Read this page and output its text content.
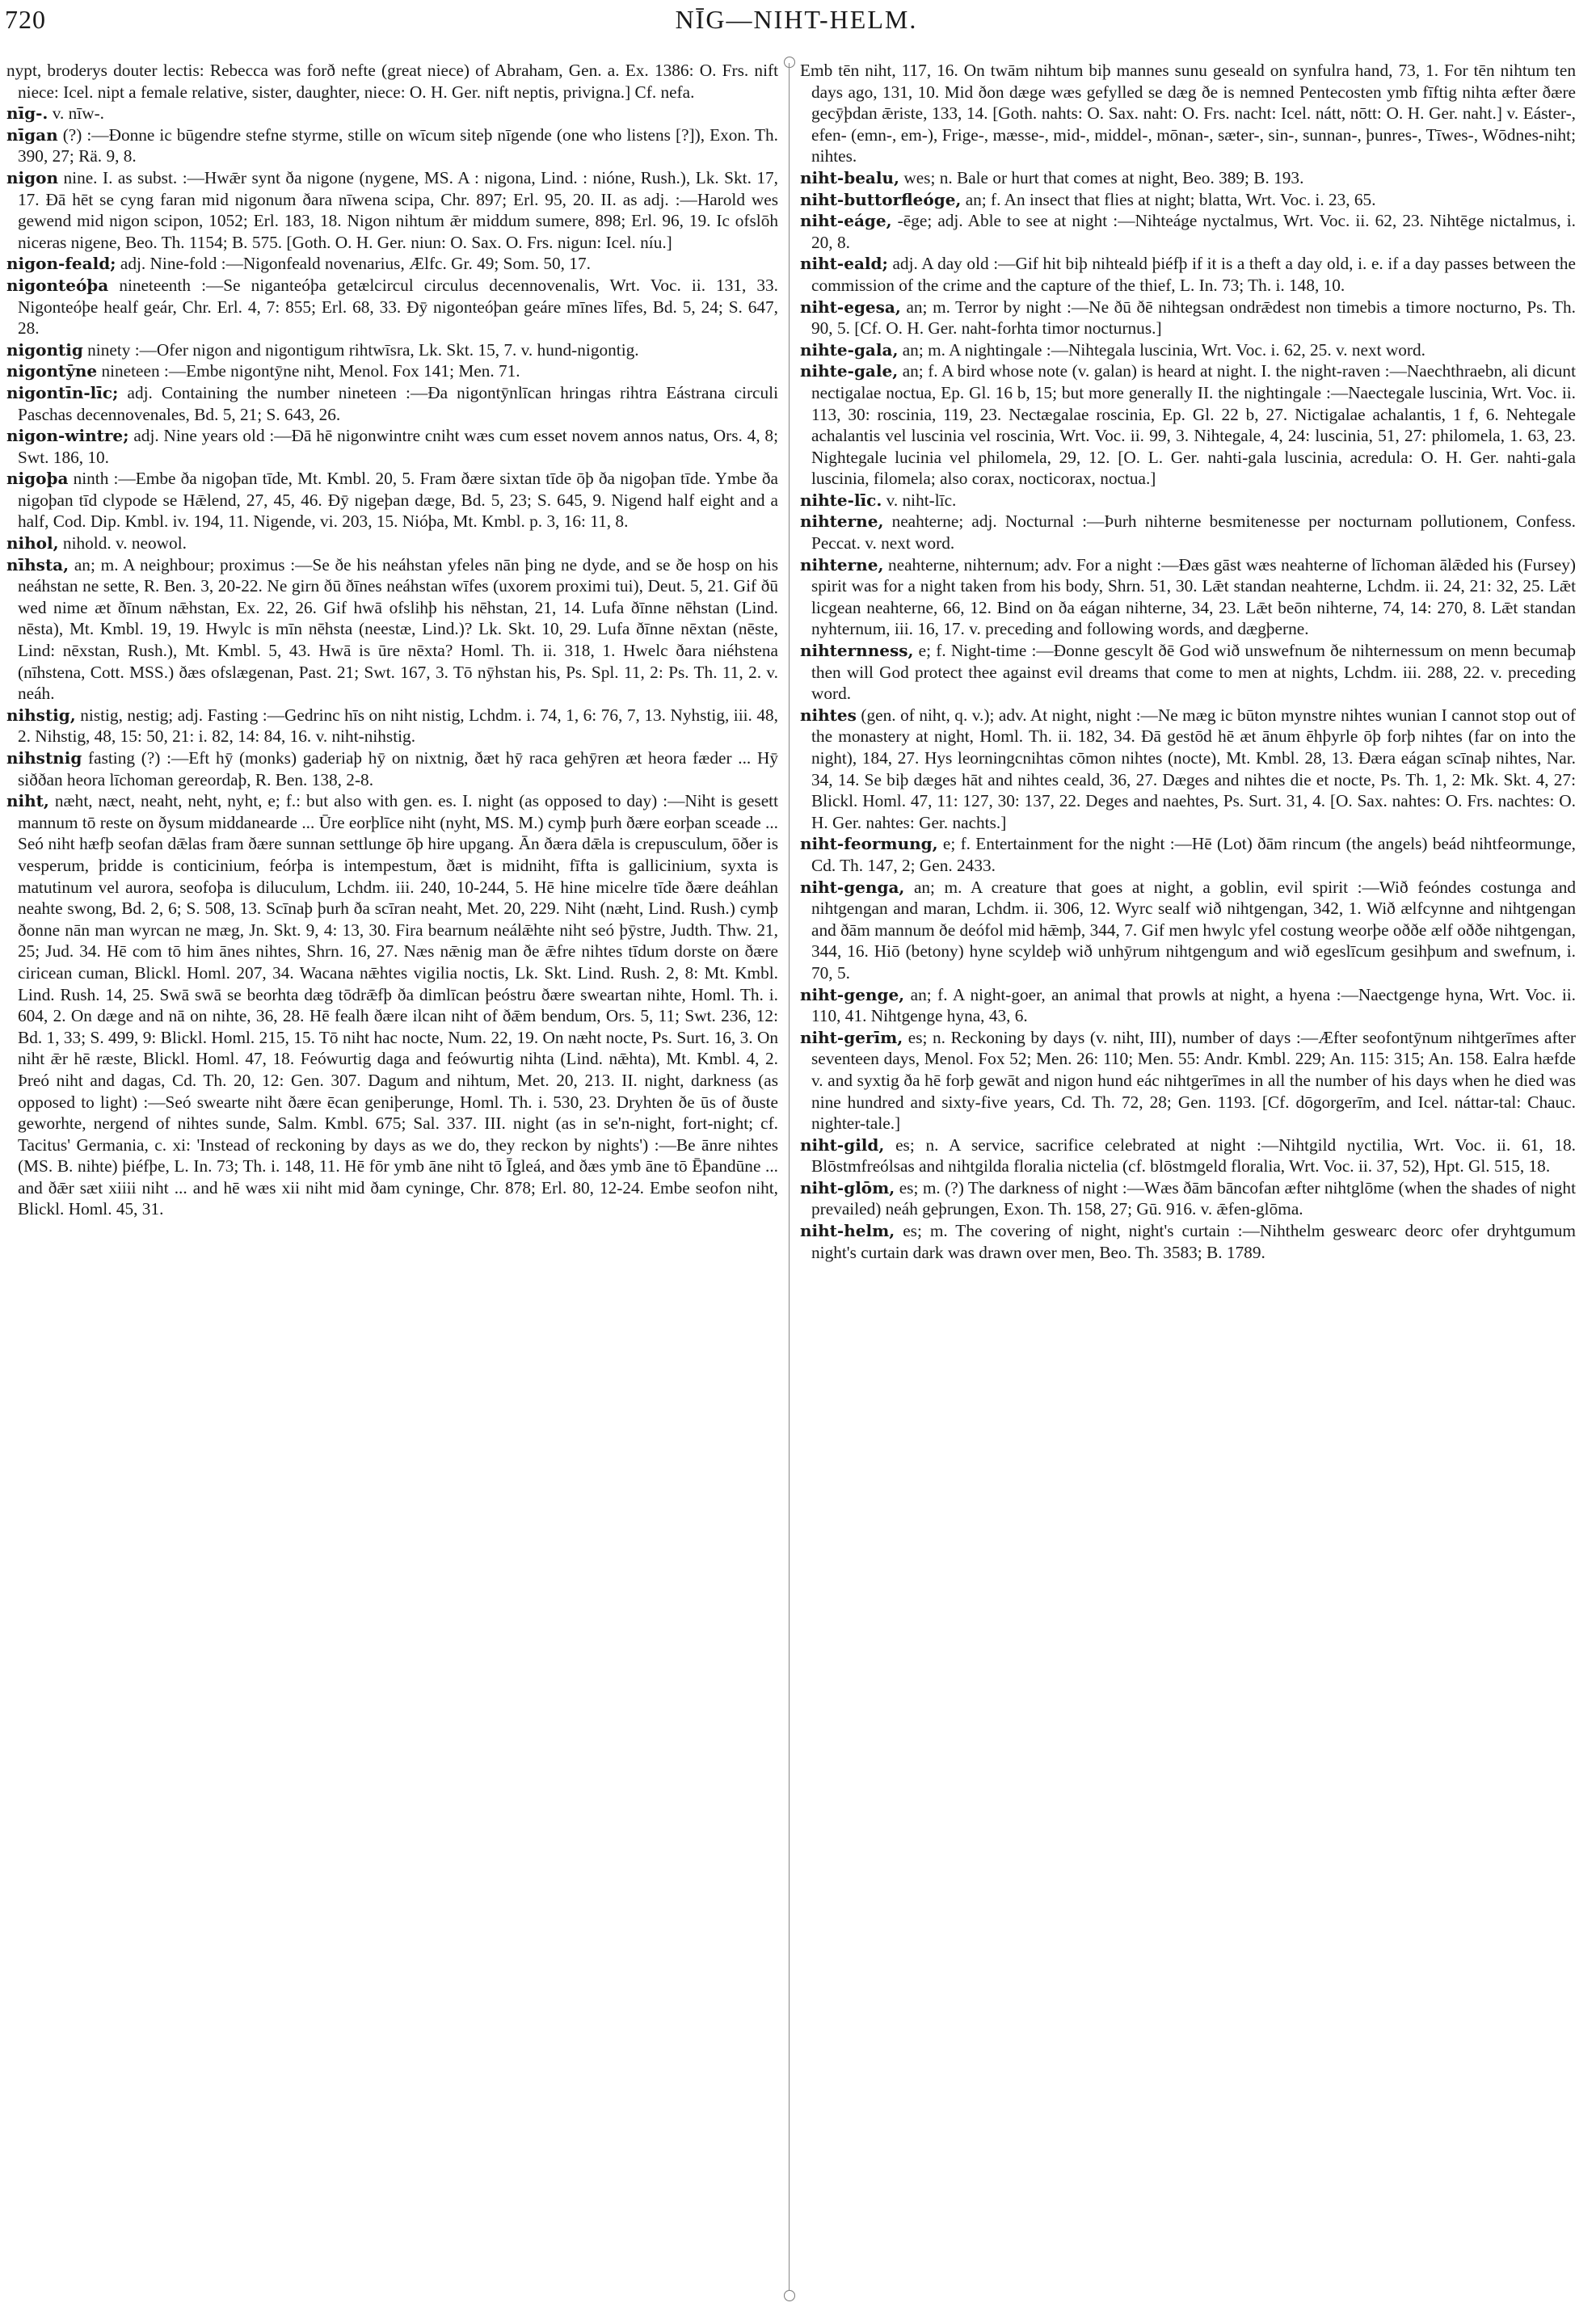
720	NĪG—NIHT-HELM.

nypt, broderys douter lectis: Rebecca was forð nefte (great niece) of Abraham, Gen. a. Ex. 1386: O. Frs. nift niece: Icel. nipt a female relative, sister, daughter, niece: O. H. Ger. nift neptis, privigna.] Cf. nefa.

nīg-. v. nīw-.

nīgan (?) :—Ðonne ic būgendre stefne styrme, stille on wīcum siteþ nīgende (one who listens [?]), Exon. Th. 390, 27; Rä. 9, 8.

nigon nine. I. as subst. :—Hwǣr synt ða nigone (nygene, MS. A : nigona, Lind. : nióne, Rush.), Lk. Skt. 17, 17. Ðā hēt se cyng faran mid nigonum ðara nīwena scipa, Chr. 897; Erl. 95, 20. II. as adj. :—Harold wes gewend mid nigon scipon, 1052; Erl. 183, 18. Nigon nihtum ǣr middum sumere, 898; Erl. 96, 19. Ic ofslōh niceras nigene, Beo. Th. 1154; B. 575. [Goth. O. H. Ger. niun: O. Sax. O. Frs. nigun: Icel. níu.]

nigon-feald; adj. Nine-fold :—Nigonfeald novenarius, Ælfc. Gr. 49; Som. 50, 17.

nigonteóþa nineteenth :—Se niganteóþa getælcircul circulus decennovenalis, Wrt. Voc. ii. 131, 33. Nigonteóþe healf geár, Chr. Erl. 4, 7: 855; Erl. 68, 33. Ðȳ nigonteóþan geáre mīnes līfes, Bd. 5, 24; S. 647, 28.

nigontig ninety :—Ofer nigon and nigontigum rihtwīsra, Lk. Skt. 15, 7. v. hund-nigontig.

nigontȳne nineteen :—Embe nigontȳne niht, Menol. Fox 141; Men. 71.

nigontīn-līc; adj. Containing the number nineteen :—Ða nigontȳnlīcan hringas rihtra Eástrana circuli Paschas decennovenales, Bd. 5, 21; S. 643, 26.

nigon-wintre; adj. Nine years old :—Ðā hē nigonwintre cniht wæs cum esset novem annos natus, Ors. 4, 8; Swt. 186, 10.

nigoþa ninth :—Embe ða nigoþan tīde, Mt. Kmbl. 20, 5. Fram ðære sixtan tīde ōþ ða nigoþan tīde. Ymbe ða nigoþan tīd clypode se Hǣlend, 27, 45, 46. Ðȳ nigeþan dæge, Bd. 5, 23; S. 645, 9. Nigend half eight and a half, Cod. Dip. Kmbl. iv. 194, 11. Nigende, vi. 203, 15. Nióþa, Mt. Kmbl. p. 3, 16: 11, 8.

nihol, nihold. v. neowol.

nīhsta, an; m. A neighbour; proximus :—Se ðe his neáhstan yfeles nān þing ne dyde, and se ðe hosp on his neáhstan ne sette, R. Ben. 3, 20-22. Ne girn ðū ðīnes neáhstan wīfes (uxorem proximi tui), Deut. 5, 21. Gif ðū wed nime æt ðīnum nǣhstan, Ex. 22, 26. Gif hwā ofslihþ his nēhstan, 21, 14. Lufa ðīnne nēhstan (Lind. nēsta), Mt. Kmbl. 19, 19. Hwylc is mīn nēhsta (neestæ, Lind.)? Lk. Skt. 10, 29. Lufa ðīnne nēxtan (nēste, Lind: nēxstan, Rush.), Mt. Kmbl. 5, 43. Hwā is ūre nēxta? Homl. Th. ii. 318, 1. Hwelc ðara niéhstena (nīhstena, Cott. MSS.) ðæs ofslægenan, Past. 21; Swt. 167, 3. Tō nȳhstan his, Ps. Spl. 11, 2: Ps. Th. 11, 2. v. neáh.

nihstig, nistig, nestig; adj. Fasting :—Gedrinc hīs on niht nistig, Lchdm. i. 74, 1, 6: 76, 7, 13. Nyhstig, iii. 48, 2. Nihstig, 48, 15: 50, 21: i. 82, 14: 84, 16. v. niht-nihstig.

nihstnig fasting (?) :—Eft hȳ (monks) gaderiaþ hȳ on nixtnig, ðæt hȳ raca gehȳren æt heora fæder ... Hȳ siððan heora līchoman gereordaþ, R. Ben. 138, 2-8.

niht, næht, næct, neaht, neht, nyht, e; f.: but also with gen. es. I. night (as opposed to day) :—Niht is gesett mannum tō reste on ðysum middanearde ... Ūre eorþlīce niht (nyht, MS. M.) cymþ þurh ðære eorþan sceade ... Seó niht hæfþ seofan dǣlas fram ðære sunnan settlunge ōþ hire upgang. Ān ðæra dǣla is crepusculum, ōðer is vesperum, þridde is conticinium, feórþa is intempestum, ðæt is midniht, fīfta is gallicinium, syxta is matutinum vel aurora, seofoþa is diluculum, Lchdm. iii. 240, 10-244, 5. Hē hine micelre tīde ðære deáhlan neahte swong, Bd. 2, 6; S. 508, 13. Scīnaþ þurh ða scīran neaht, Met. 20, 229. Niht (næht, Lind. Rush.) cymþ ðonne nān man wyrcan ne mæg, Jn. Skt. 9, 4: 13, 30. Fira bearnum neálǣhte niht seó þȳstre, Judth. Thw. 21, 25; Jud. 34. Hē com tō him ānes nihtes, Shrn. 16, 27. Næs nǣnig man ðe ǣfre nihtes tīdum dorste on ðære ciricean cuman, Blickl. Homl. 207, 34. Wacana nǣhtes vigilia noctis, Lk. Skt. Lind. Rush. 2, 8: Mt. Kmbl. Lind. Rush. 14, 25. Swā swā se beorhta dæg tōdrǣfþ ða dimlīcan þeóstru ðære sweartan nihte, Homl. Th. i. 604, 2. On dæge and nā on nihte, 36, 28. Hē fealh ðære ilcan niht of ðǣm bendum, Ors. 5, 11; Swt. 236, 12: Bd. 1, 33; S. 499, 9: Blickl. Homl. 215, 15. Tō niht hac nocte, Num. 22, 19. On næht nocte, Ps. Surt. 16, 3. On niht ǣr hē ræste, Blickl. Homl. 47, 18. Feówurtig daga and feówurtig nihta (Lind. nǣhta), Mt. Kmbl. 4, 2. Þreó niht and dagas, Cd. Th. 20, 12: Gen. 307. Dagum and nihtum, Met. 20, 213. II. night, darkness (as opposed to light) :—Seó swearte niht ðære ēcan geniþerunge, Homl. Th. i. 530, 23. Dryhten ðe ūs of ðuste geworhte, nergend of nihtes sunde, Salm. Kmbl. 675; Sal. 337. III. night (as in se'n-night, fort-night; cf. Tacitus' Germania, c. xi: 'Instead of reckoning by days as we do, they reckon by nights') :—Be ānre nihtes (MS. B. nihte) þiéfþe, L. In. 73; Th. i. 148, 11. Hē fōr ymb āne niht tō Īgleá, and ðæs ymb āne tō Ēþandūne ... and ðǣr sæt xiiii niht ... and hē wæs xii niht mid ðam cyninge, Chr. 878; Erl. 80, 12-24. Embe seofon niht, Blickl. Homl. 45, 31.

Emb tēn niht, 117, 16. On twām nihtum biþ mannes sunu geseald on synfulra hand, 73, 1. For tēn nihtum ten days ago, 131, 10. Mid ðon dæge wæs gefylled se dæg ðe is nemned Pentecosten ymb fīftig nihta æfter ðære gecȳþdan ǣriste, 133, 14. [Goth. nahts: O. Sax. naht: O. Frs. nacht: Icel. nátt, nōtt: O. H. Ger. naht.] v. Eáster-, efen- (emn-, em-), Frige-, mæsse-, mid-, middel-, mōnan-, sæter-, sin-, sunnan-, þunres-, Tīwes-, Wōdnes-niht; nihtes.

niht-bealu, wes; n. Bale or hurt that comes at night, Beo. 389; B. 193.

niht-buttorfleóge, an; f. An insect that flies at night; blatta, Wrt. Voc. i. 23, 65.

niht-eáge, -ēge; adj. Able to see at night :—Nihteáge nyctalmus, Wrt. Voc. ii. 62, 23. Nihtēge nictalmus, i. 20, 8.

niht-eald; adj. A day old :—Gif hit biþ nihteald þiéfþ if it is a theft a day old, i. e. if a day passes between the commission of the crime and the capture of the thief, L. In. 73; Th. i. 148, 10.

niht-egesa, an; m. Terror by night :—Ne ðū ðē nihtegsan ondrǣdest non timebis a timore nocturno, Ps. Th. 90, 5. [Cf. O. H. Ger. naht-forhta timor nocturnus.]

nihte-gala, an; m. A nightingale :—Nihtegala luscinia, Wrt. Voc. i. 62, 25. v. next word.

nihte-gale, an; f. A bird whose note (v. galan) is heard at night. I. the night-raven :—Naechthraebn, ali dicunt nectigalae noctua, Ep. Gl. 16 b, 15; but more generally II. the nightingale :—Naectegale luscinia, Wrt. Voc. ii. 113, 30: roscinia, 119, 23. Nectægalae roscinia, Ep. Gl. 22 b, 27. Nictigalae achalantis, 1 f, 6. Nehtegale achalantis vel luscinia vel roscinia, Wrt. Voc. ii. 99, 3. Nihtegale, 4, 24: luscinia, 51, 27: philomela, 1. 63, 23. Nightegale lucinia vel philomela, 29, 12. [O. L. Ger. nahti-gala luscinia, acredula: O. H. Ger. nahti-gala luscinia, filomela; also corax, nocticorax, noctua.]

nihte-līc. v. niht-līc.

nihterne, neahterne; adj. Nocturnal :—Þurh nihterne besmitenesse per nocturnam pollutionem, Confess. Peccat. v. next word.

nihterne, neahterne, nihternum; adv. For a night :—Ðæs gāst wæs neahterne of līchoman ālǣded his (Fursey) spirit was for a night taken from his body, Shrn. 51, 30. Lǣt standan neahterne, Lchdm. ii. 24, 21: 32, 25. Lǣt licgean neahterne, 66, 12. Bind on ða eágan nihterne, 34, 23. Lǣt beōn nihterne, 74, 14: 270, 8. Lǣt standan nyhternum, iii. 16, 17. v. preceding and following words, and dægþerne.

nihternness, e; f. Night-time :—Ðonne gescylt ðē God wið unswefnum ðe nihternessum on menn becumaþ then will God protect thee against evil dreams that come to men at nights, Lchdm. iii. 288, 22. v. preceding word.

nihtes (gen. of niht, q. v.); adv. At night, night :—Ne mæg ic būton mynstre nihtes wunian I cannot stop out of the monastery at night, Homl. Th. ii. 182, 34. Ðā gestōd hē æt ānum ēhþyrle ōþ forþ nihtes (far on into the night), 184, 27. Hys leorningcnihtas cōmon nihtes (nocte), Mt. Kmbl. 28, 13. Ðæra eágan scīnaþ nihtes, Nar. 34, 14. Se biþ dæges hāt and nihtes ceald, 36, 27. Dæges and nihtes die et nocte, Ps. Th. 1, 2: Mk. Skt. 4, 27: Blickl. Homl. 47, 11: 127, 30: 137, 22. Deges and naehtes, Ps. Surt. 31, 4. [O. Sax. nahtes: O. Frs. nachtes: O. H. Ger. nahtes: Ger. nachts.]

niht-feormung, e; f. Entertainment for the night :—Hē (Lot) ðām rincum (the angels) beád nihtfeormunge, Cd. Th. 147, 2; Gen. 2433.

niht-genga, an; m. A creature that goes at night, a goblin, evil spirit :—Wið feóndes costunga and nihtgengan and maran, Lchdm. ii. 306, 12. Wyrc sealf wið nihtgengan, 342, 1. Wið ælfcynne and nihtgengan and ðām mannum ðe deófol mid hǣmþ, 344, 7. Gif men hwylc yfel costung weorþe oððe ælf oððe nihtgengan, 344, 16. Hiō (betony) hyne scyldeþ wið unhȳrum nihtgengum and wið egeslīcum gesihþum and swefnum, i. 70, 5.

niht-genge, an; f. A night-goer, an animal that prowls at night, a hyena :—Naectgenge hyna, Wrt. Voc. ii. 110, 41. Nihtgenge hyna, 43, 6.

niht-gerīm, es; n. Reckoning by days (v. niht, III), number of days :—Æfter seofontȳnum nihtgerīmes after seventeen days, Menol. Fox 52; Men. 26: 110; Men. 55: Andr. Kmbl. 229; An. 115: 315; An. 158. Ealra hæfde v. and syxtig ða hē forþ gewāt and nigon hund eác nihtgerīmes in all the number of his days when he died was nine hundred and sixty-five years, Cd. Th. 72, 28; Gen. 1193. [Cf. dōgorgerīm, and Icel. náttar-tal: Chauc. nighter-tale.]

niht-gild, es; n. A service, sacrifice celebrated at night :—Nihtgild nyctilia, Wrt. Voc. ii. 61, 18. Blōstmfreólsas and nihtgilda floralia nictelia (cf. blōstmgeld floralia, Wrt. Voc. ii. 37, 52), Hpt. Gl. 515, 18.

niht-glōm, es; m. (?) The darkness of night :—Wæs ðām bāncofan æfter nihtglōme (when the shades of night prevailed) neáh geþrungen, Exon. Th. 158, 27; Gū. 916. v. ǣfen-glōma.

niht-helm, es; m. The covering of night, night's curtain :—Nihthelm geswearc deorc ofer dryhtgumum night's curtain dark was drawn over men, Beo. Th. 3583; B. 1789.
